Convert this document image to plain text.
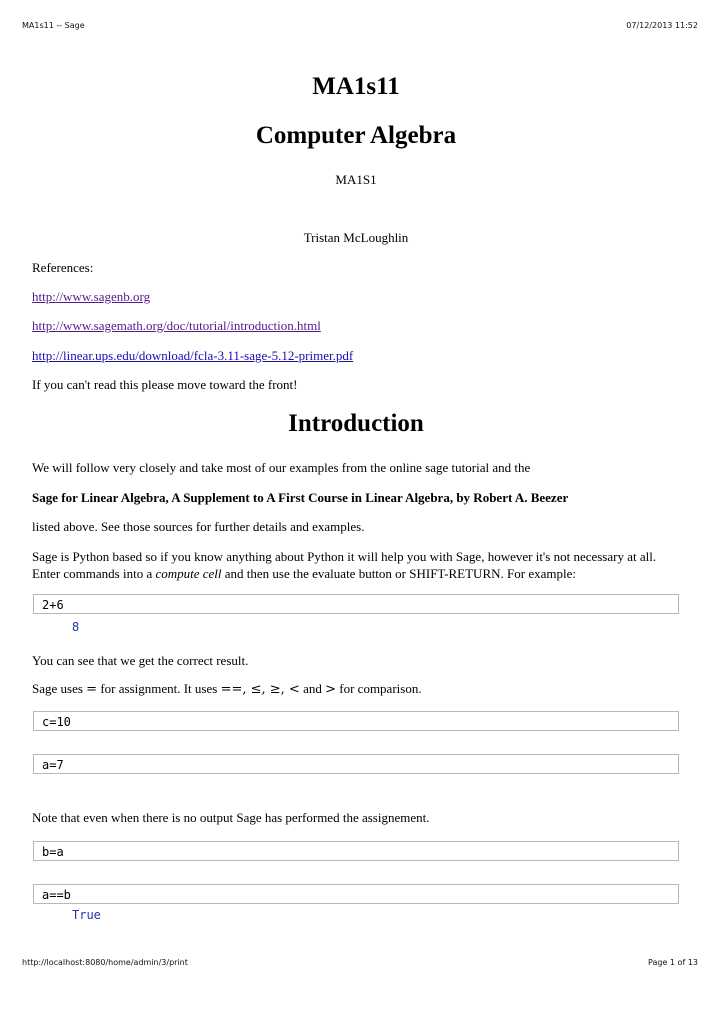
MA1s11 -- Sage	07/12/2013 11:52
MA1s11
Computer Algebra
MA1S1
Tristan McLoughlin
References:
http://www.sagenb.org
http://www.sagemath.org/doc/tutorial/introduction.html
http://linear.ups.edu/download/fcla-3.11-sage-5.12-primer.pdf
If you can't read this please move toward the front!
Introduction
We will follow very closely and take most of our examples from the online sage tutorial and the
Sage for Linear Algebra, A Supplement to A First Course in Linear Algebra, by Robert A. Beezer
listed above. See those sources for further details and examples.
Sage is Python based so if you know anything about Python it will help you with Sage, however it's not necessary at all. Enter commands into a compute cell and then use the evaluate button or SHIFT-RETURN. For example:
2+6
8
You can see that we get the correct result.
Sage uses = for assignment. It uses ==, ≤, ≥, < and > for comparison.
c=10
a=7
Note that even when there is no output Sage has performed the assignement.
b=a
a==b
True
http://localhost:8080/home/admin/3/print	Page 1 of 13
